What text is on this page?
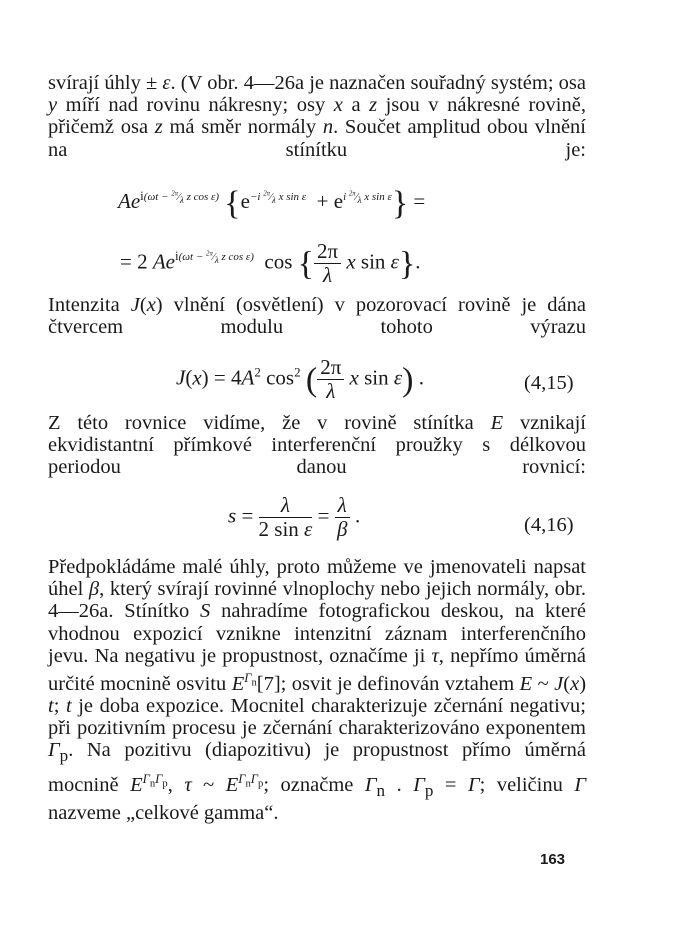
svírají úhly ± ε. (V obr. 4—26a je naznačen souřadný systém; osa y míří nad rovinu nákresny; osy x a z jsou v nákresné rovině, přičemž osa z má směr normály n. Součet amplitud obou vlnění na stínítku je:
$Ae^{i(\omega t - ^{2\pi}⁄_\lambda z cos \varepsilon)}$ $\{e^{-i ^{2\pi}⁄_\lambda x sin \varepsilon} + e^{i ^{2\pi}⁄_\lambda x sin \varepsilon}\}$ =
= 2 $Ae^{i(\omega t - ^{2\pi}⁄_\lambda z cos \varepsilon)}$  cos { $\frac{2\pi}{\lambda}$ x sin ε}.
Intenzita J(x) vlnění (osvětlení) v pozorovací rovině je dána čtvercem modulu tohoto výrazu
$J(x) = 4A^2$ $\cos^2$ ( $\frac{2\pi}{\lambda}$ x sin ε) .	(4,15)
Z této rovnice vidíme, že v rovině stínítka E vznikají ekvidistantní přímkové interferenční proužky s délkovou periodou danou rovnicí:
$s = \frac{\lambda}{\text{2 sin ε}} = \frac{\lambda}{\beta}$ .	(4,16)
Předpokládáme malé úhly, proto můžeme ve jmenovateli napsat úhel β, který svírají rovinné vlnoplochy nebo jejich normály, obr. 4—26a. Stínítko S nahradíme fotografickou deskou, na které vhodnou expozicí vznikne intenzitní záznam interferenčního jevu. Na negativu je propustnost, označíme ji τ, nepřímo úměrná určité mocnině osvitu $E^{\Gamma_n}[7]$; osvit je definován vztahem E ~ J(x) t; t je doba expozice. Mocnitel charakterizuje zčernání negativu; při pozitivním procesu je zčernání charakterizováno exponentem $\Gamma_p$. Na pozitivu (diapozitivu) je propustnost přímo úměrná mocnině $E^{\Gamma_n\Gamma_p}$, τ ~ $E^{\Gamma_n\Gamma_p}$; označme $\Gamma_n$ . $\Gamma_p = \Gamma$; veličinu Γ nazveme „celkové gamma“.
163
